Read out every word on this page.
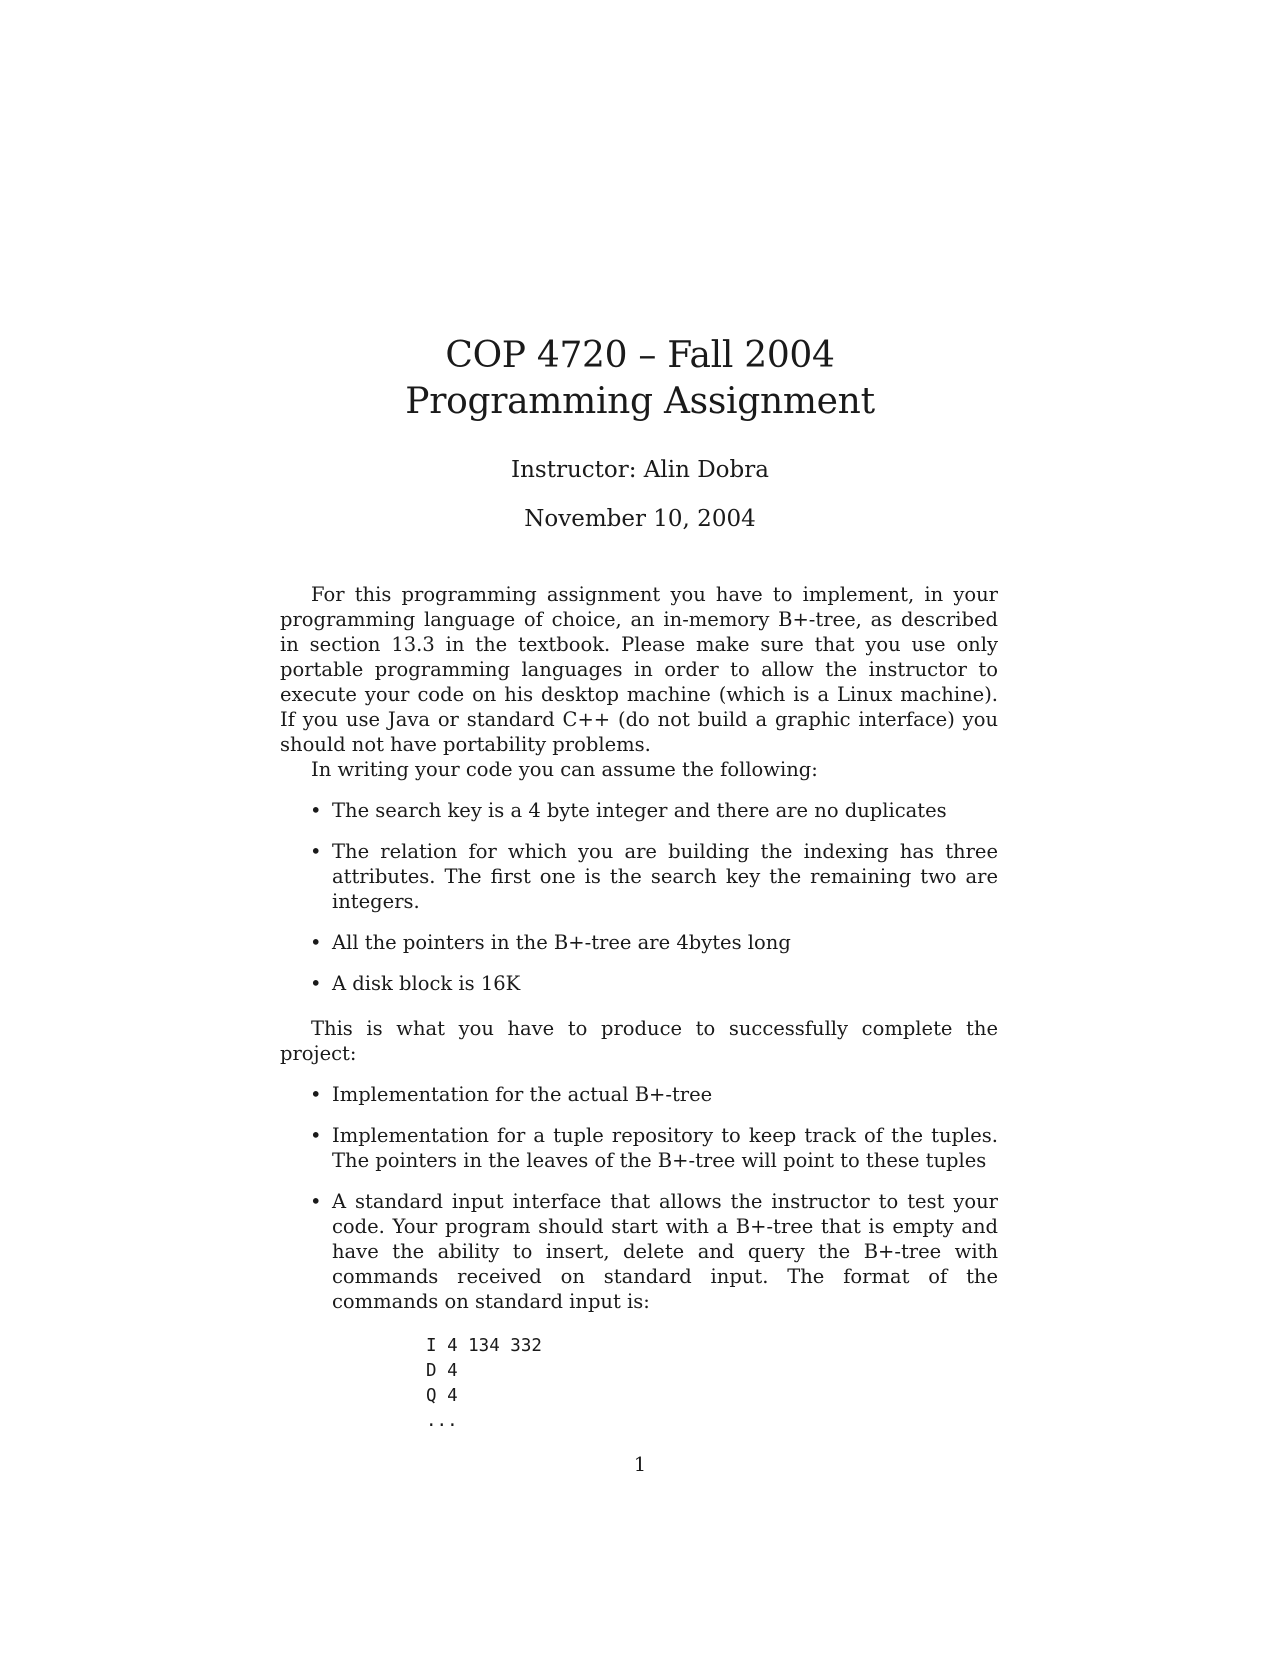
COP 4720 – Fall 2004
Programming Assignment
Instructor: Alin Dobra
November 10, 2004

For this programming assignment you have to implement, in your programming language of choice, an in-memory B+-tree, as described in section 13.3 in the textbook. Please make sure that you use only portable programming languages in order to allow the instructor to execute your code on his desktop machine (which is a Linux machine). If you use Java or standard C++ (do not build a graphic interface) you should not have portability problems.

In writing your code you can assume the following:

• The search key is a 4 byte integer and there are no duplicates
• The relation for which you are building the indexing has three attributes. The first one is the search key the remaining two are integers.
• All the pointers in the B+-tree are 4bytes long
• A disk block is 16K

This is what you have to produce to successfully complete the project:

• Implementation for the actual B+-tree
• Implementation for a tuple repository to keep track of the tuples. The pointers in the leaves of the B+-tree will point to these tuples
• A standard input interface that allows the instructor to test your code. Your program should start with a B+-tree that is empty and have the ability to insert, delete and query the B+-tree with commands received on standard input. The format of the commands on standard input is:
I 4 134 332
D 4
Q 4
...
1
